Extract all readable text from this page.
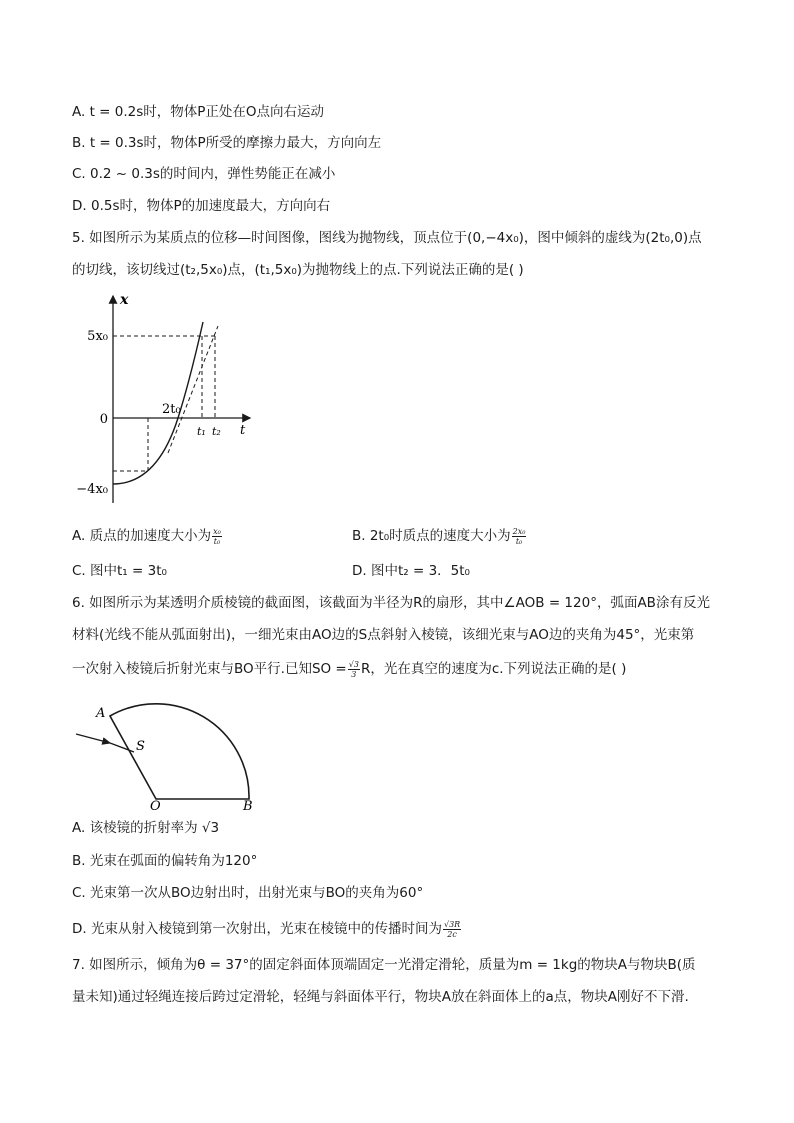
A. t = 0.2s时，物体P正处在O点向右运动
B. t = 0.3s时，物体P所受的摩擦力最大，方向向左
C. 0.2 ~ 0.3s的时间内，弹性势能正在减小
D. 0.5s时，物体P的加速度最大，方向向右
5. 如图所示为某质点的位移—时间图像，图线为抛物线，顶点位于(0,−4x₀)，图中倾斜的虚线为(2t₀,0)点
的切线，该切线过(t₂,5x₀)点，(t₁,5x₀)为抛物线上的点.下列说法正确的是( )
x
t
5x₀
0
−4x₀
2t₀
t₁ t₂
A. 质点的加速度大小为 $\frac{\text{x₀}}{\text{t₀}}$	B. 2t₀时质点的速度大小为 $\frac{\text{2x₀}}{\text{t₀}}$
C. 图中t₁ = 3t₀	D. 图中t₂ = 3．5t₀
6. 如图所示为某透明介质棱镜的截面图，该截面为半径为R的扇形，其中∠AOB = 120°，弧面AB涂有反光
材料(光线不能从弧面射出)，一细光束由AO边的S点斜射入棱镜，该细光束与AO边的夹角为45°，光束第
一次射入棱镜后折射光束与BO平行.已知SO = $\frac{√3}{3}$ R，光在真空的速度为c.下列说法正确的是( )
A
S
O	B
A. 该棱镜的折射率为 √3
B. 光束在弧面的偏转角为120°
C. 光束第一次从BO边射出时，出射光束与BO的夹角为60°
D. 光束从射入棱镜到第一次射出，光束在棱镜中的传播时间为 $\frac{√3R}{2c}$
7. 如图所示，倾角为θ = 37°的固定斜面体顶端固定一光滑定滑轮，质量为m = 1kg的物块A与物块B(质
量未知)通过轻绳连接后跨过定滑轮，轻绳与斜面体平行，物块A放在斜面体上的a点，物块A刚好不下滑.
